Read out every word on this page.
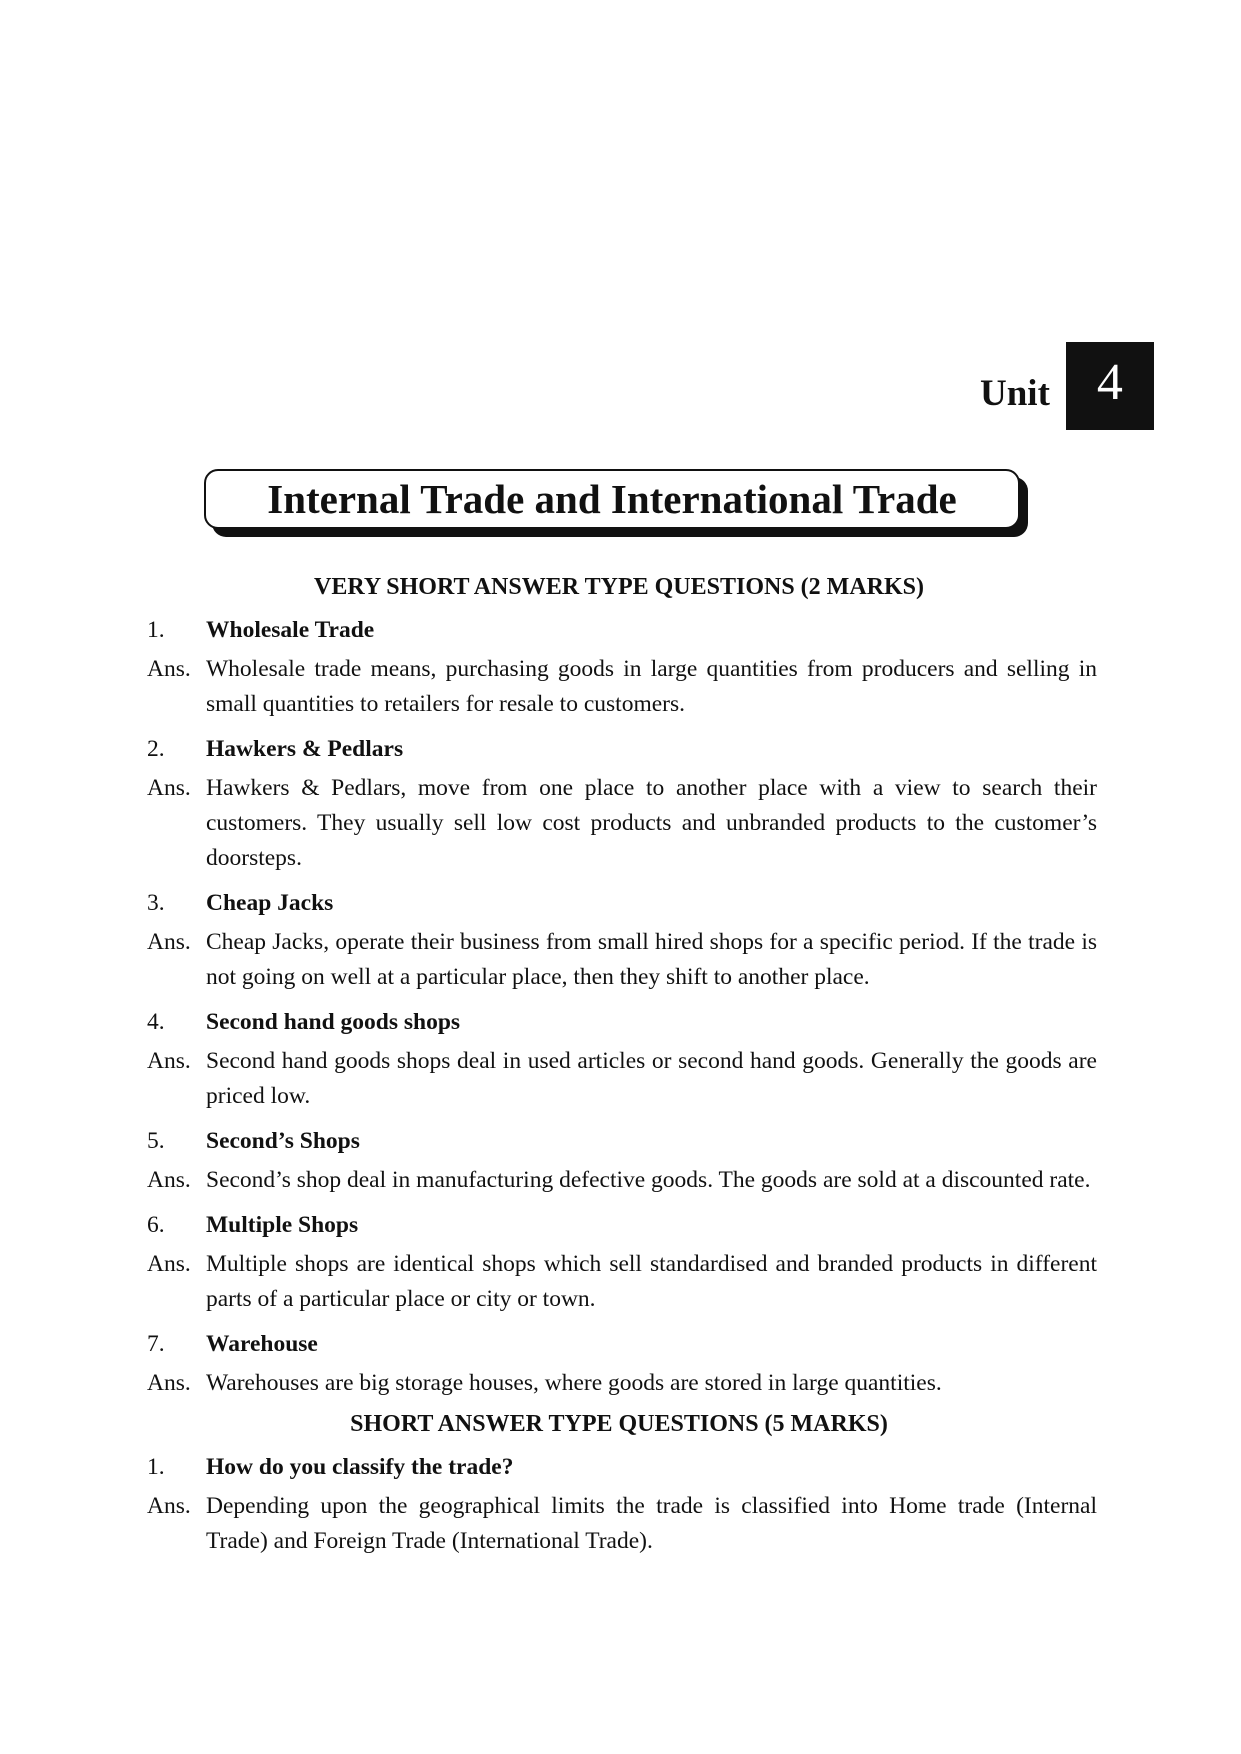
Unit 4
Internal Trade and International Trade
VERY SHORT ANSWER TYPE QUESTIONS (2 MARKS)
1.	Wholesale Trade
Ans. Wholesale trade means, purchasing goods in large quantities from producers and selling in small quantities to retailers for resale to customers.
2.	Hawkers & Pedlars
Ans. Hawkers & Pedlars, move from one place to another place with a view to search their customers. They usually sell low cost products and unbranded products to the customer’s doorsteps.
3.	Cheap Jacks
Ans. Cheap Jacks, operate their business from small hired shops for a specific period. If the trade is not going on well at a particular place, then they shift to another place.
4.	Second hand goods shops
Ans. Second hand goods shops deal in used articles or second hand goods. Generally the goods are priced low.
5.	Second’s Shops
Ans. Second’s shop deal in manufacturing defective goods. The goods are sold at a discounted rate.
6.	Multiple Shops
Ans. Multiple shops are identical shops which sell standardised and branded products in different parts of a particular place or city or town.
7.	Warehouse
Ans. Warehouses are big storage houses, where goods are stored in large quantities.
SHORT ANSWER TYPE QUESTIONS (5 MARKS)
1.	How do you classify the trade?
Ans. Depending upon the geographical limits the trade is classified into Home trade (Internal Trade) and Foreign Trade (International Trade).
